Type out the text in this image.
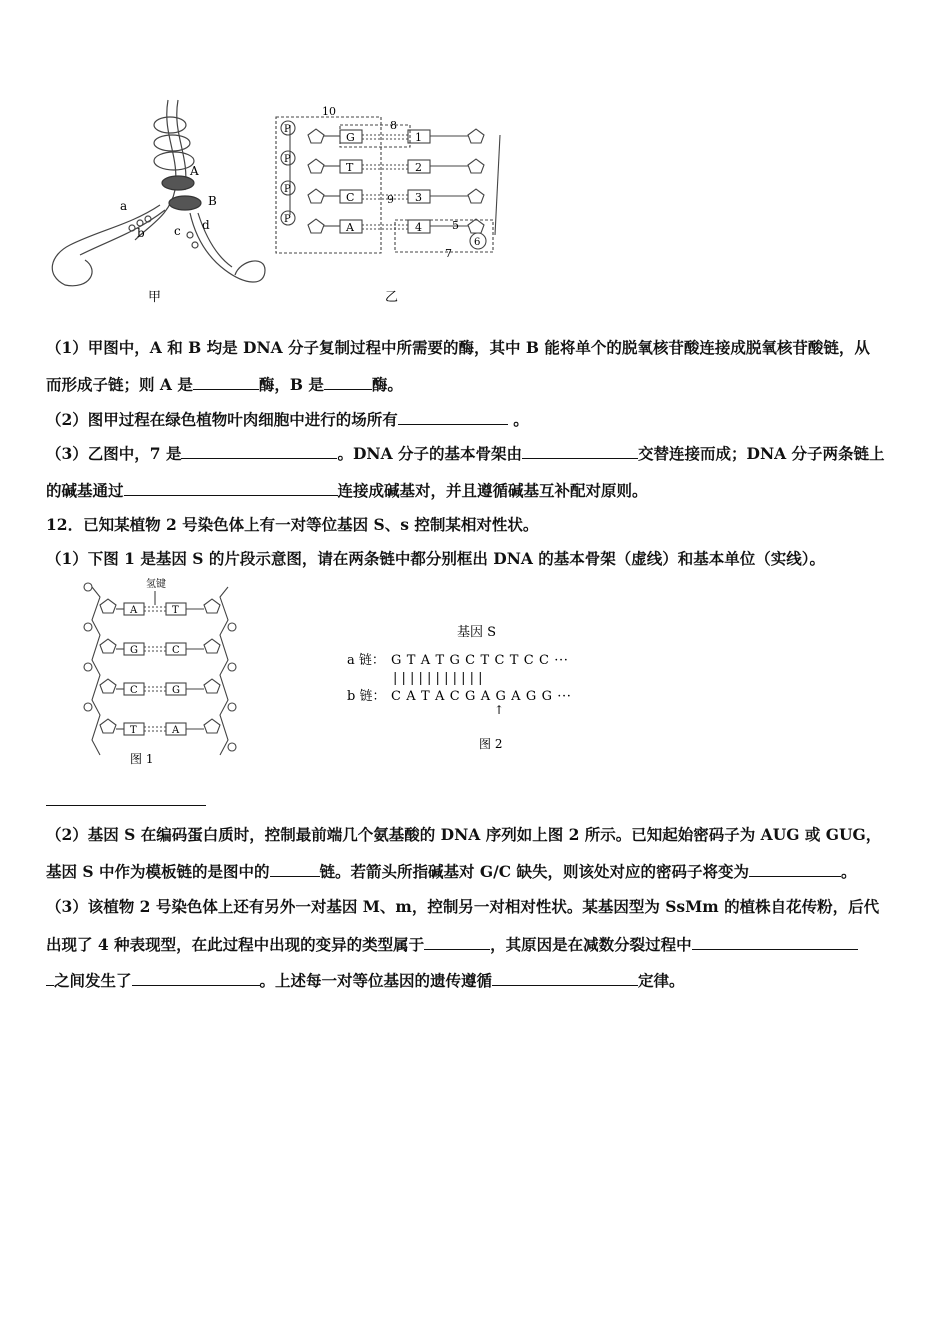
A
B
a
b c d
甲
P
P
P
P
G
T
C
A
1
2
3
4
10
8
9
7
5
6
乙
（1）甲图中，A 和 B 均是 DNA 分子复制过程中所需要的酶，其中 B 能将单个的脱氧核苷酸连接成脱氧核苷酸链，从
而形成子链；则 A 是	酶，B 是	酶。
（2）图甲过程在绿色植物叶肉细胞中进行的场所有	。
（3）乙图中，7 是	。DNA 分子的基本骨架由	交替连接而成；DNA 分子两条链上
的碱基通过	连接成碱基对，并且遵循碱基互补配对原则。
12．已知某植物 2 号染色体上有一对等位基因 S、s 控制某相对性状。
（1）下图 1 是基因 S 的片段示意图，请在两条链中都分别框出 DNA 的基本骨架（虚线）和基本单位（实线）。
氢键
A
G
C
T
T
C
G
A
图 1
基因 S
a 链： G T A T G C T C T C C ···
| | | | | | | | | | |
b 链： C A T A C G A G A G G ···
↑
图 2
（2）基因 S 在编码蛋白质时，控制最前端几个氨基酸的 DNA 序列如上图 2 所示。已知起始密码子为 AUG 或 GUG，
基因 S 中作为模板链的是图中的	链。若箭头所指碱基对 G/C 缺失，则该处对应的密码子将变为	。
（3）该植物 2 号染色体上还有另外一对基因 M、m，控制另一对相对性状。某基因型为 SsMm 的植株自花传粉，后代
出现了 4 种表现型，在此过程中出现的变异的类型属于	，其原因是在减数分裂过程中
之间发生了	。上述每一对等位基因的遗传遵循	定律。
